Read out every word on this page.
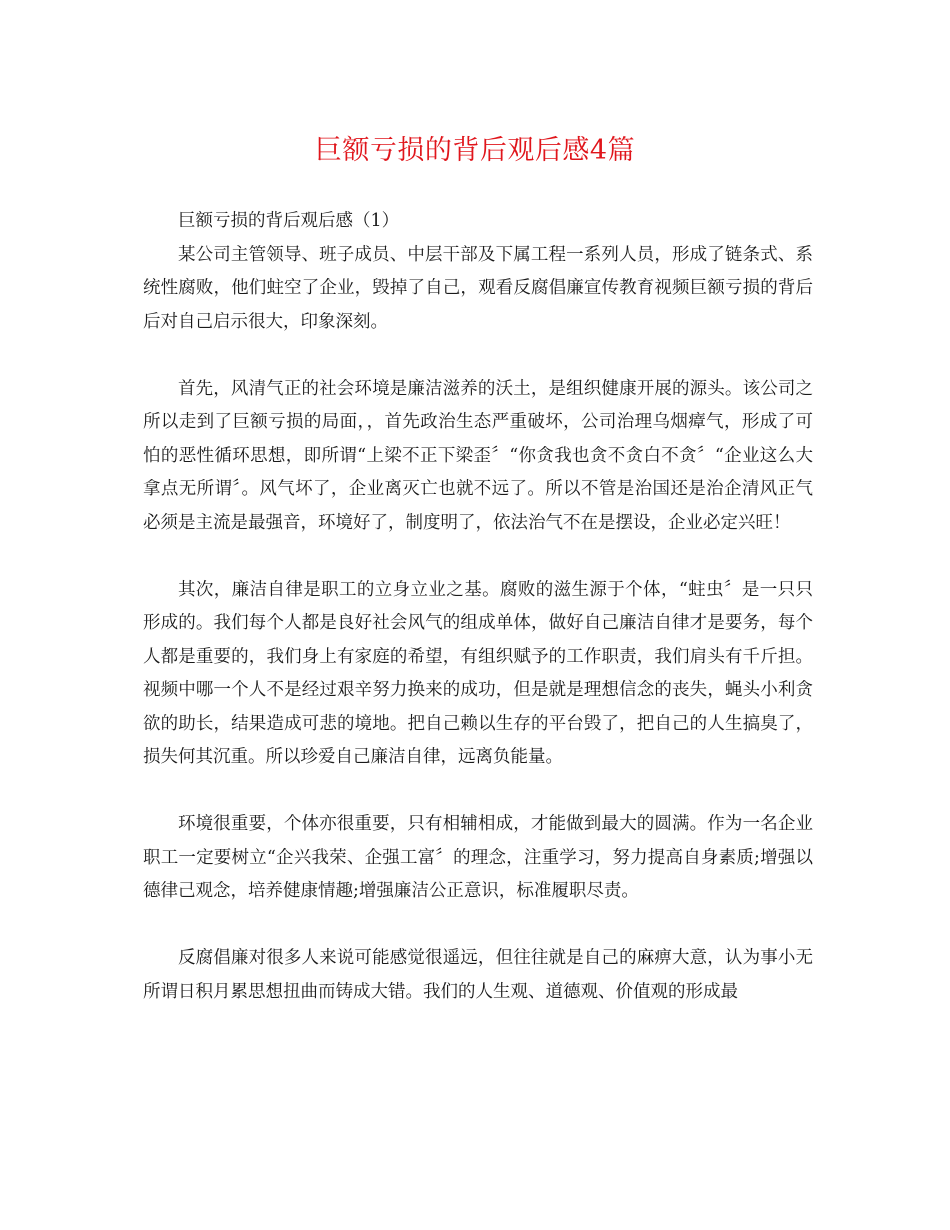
巨额亏损的背后观后感4篇

巨额亏损的背后观后感（1）

某公司主管领导、班子成员、中层干部及下属工程一系列人员，形成了链条式、系统性腐败，他们蛀空了企业，毁掉了自己，观看反腐倡廉宣传教育视频巨额亏损的背后后对自己启示很大，印象深刻。

首先，风清气正的社会环境是廉洁滋养的沃土，是组织健康开展的源头。该公司之所以走到了巨额亏损的局面，，首先政治生态严重破坏，公司治理乌烟瘴气，形成了可怕的恶性循环思想，即所谓“上梁不正下梁歪〞“你贪我也贪不贪白不贪〞“企业这么大拿点无所谓〞。风气坏了，企业离灭亡也就不远了。所以不管是治国还是治企清风正气必须是主流是最强音，环境好了，制度明了，依法治气不在是摆设，企业必定兴旺！

其次，廉洁自律是职工的立身立业之基。腐败的滋生源于个体，“蛀虫〞是一只只形成的。我们每个人都是良好社会风气的组成单体，做好自己廉洁自律才是要务，每个人都是重要的，我们身上有家庭的希望，有组织赋予的工作职责，我们肩头有千斤担。视频中哪一个人不是经过艰辛努力换来的成功，但是就是理想信念的丧失，蝇头小利贪欲的助长，结果造成可悲的境地。把自己赖以生存的平台毁了，把自己的人生搞臭了，损失何其沉重。所以珍爱自己廉洁自律，远离负能量。

环境很重要，个体亦很重要，只有相辅相成，才能做到最大的圆满。作为一名企业职工一定要树立“企兴我荣、企强工富〞的理念，注重学习，努力提高自身素质;增强以德律己观念，培养健康情趣;增强廉洁公正意识，标准履职尽责。

反腐倡廉对很多人来说可能感觉很遥远，但往往就是自己的麻痹大意，认为事小无所谓日积月累思想扭曲而铸成大错。我们的人生观、道德观、价值观的形成最
